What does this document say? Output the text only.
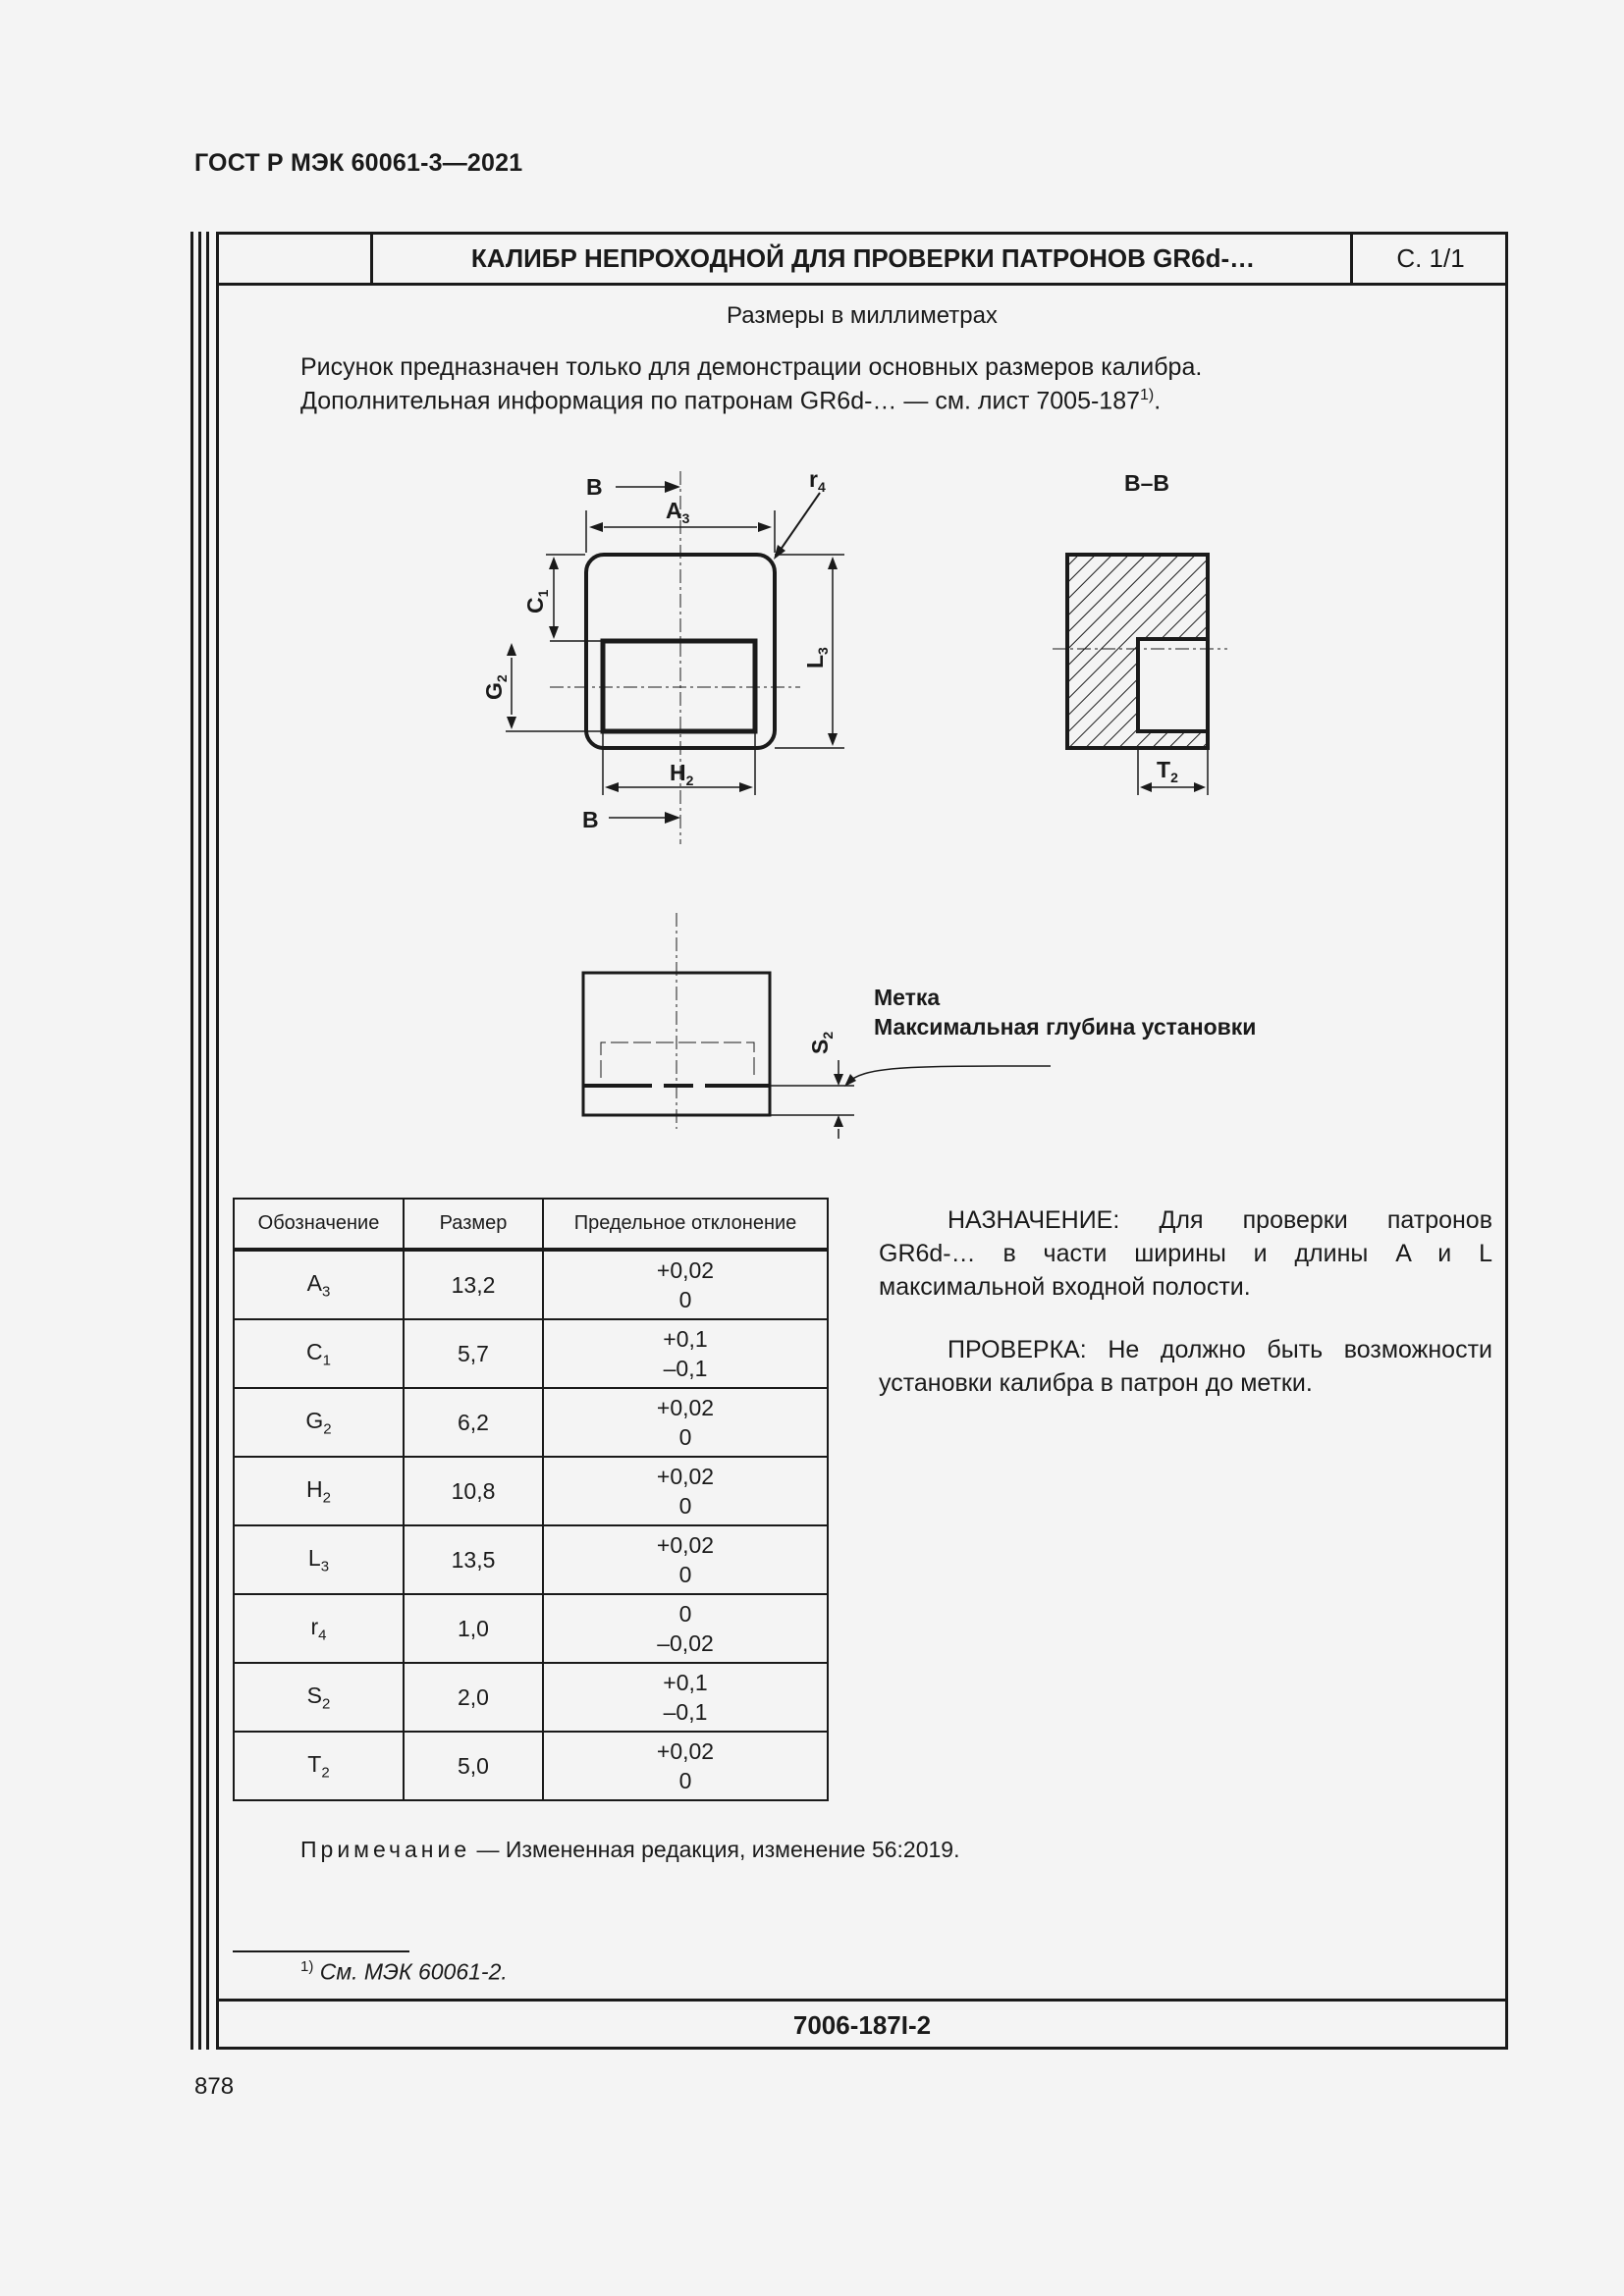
ГОСТ Р МЭК 60061-3—2021
КАЛИБР НЕПРОХОДНОЙ ДЛЯ ПРОВЕРКИ ПАТРОНОВ GR6d-…	С. 1/1
Размеры в миллиметрах
Рисунок предназначен только для демонстрации основных размеров калибра.
Дополнительная информация по патронам GR6d-… — см. лист 7005-187$^{1)}$.
B
B
$A_3$
$r_4$
$H_2$
$C_1$
$G_2$
$L_3$
B–B
$T_2$
$S_2$
Метка
Максимальная глубина установки
Обозначение	Размер	Предельное отклонение
$A_3$	13,2	+0,02
0

$C_1$	5,7	+0,1
–0,1

$G_2$	6,2	+0,02
0

$H_2$	10,8	+0,02
0

$L_3$	13,5	+0,02
0

$r_4$	1,0	0
–0,02

$S_2$	2,0	+0,1
–0,1

$T_2$	5,0	+0,02
0
НАЗНАЧЕНИЕ: Для проверки патронов GR6d-… в части ширины и длины A и L максимальной входной полости.
ПРОВЕРКА: Не должно быть возможности установки калибра в патрон до метки.
Примечание — Измененная редакция, изменение 56:2019.
$^{1)}$ См. МЭК 60061-2.
7006-187I-2
878
